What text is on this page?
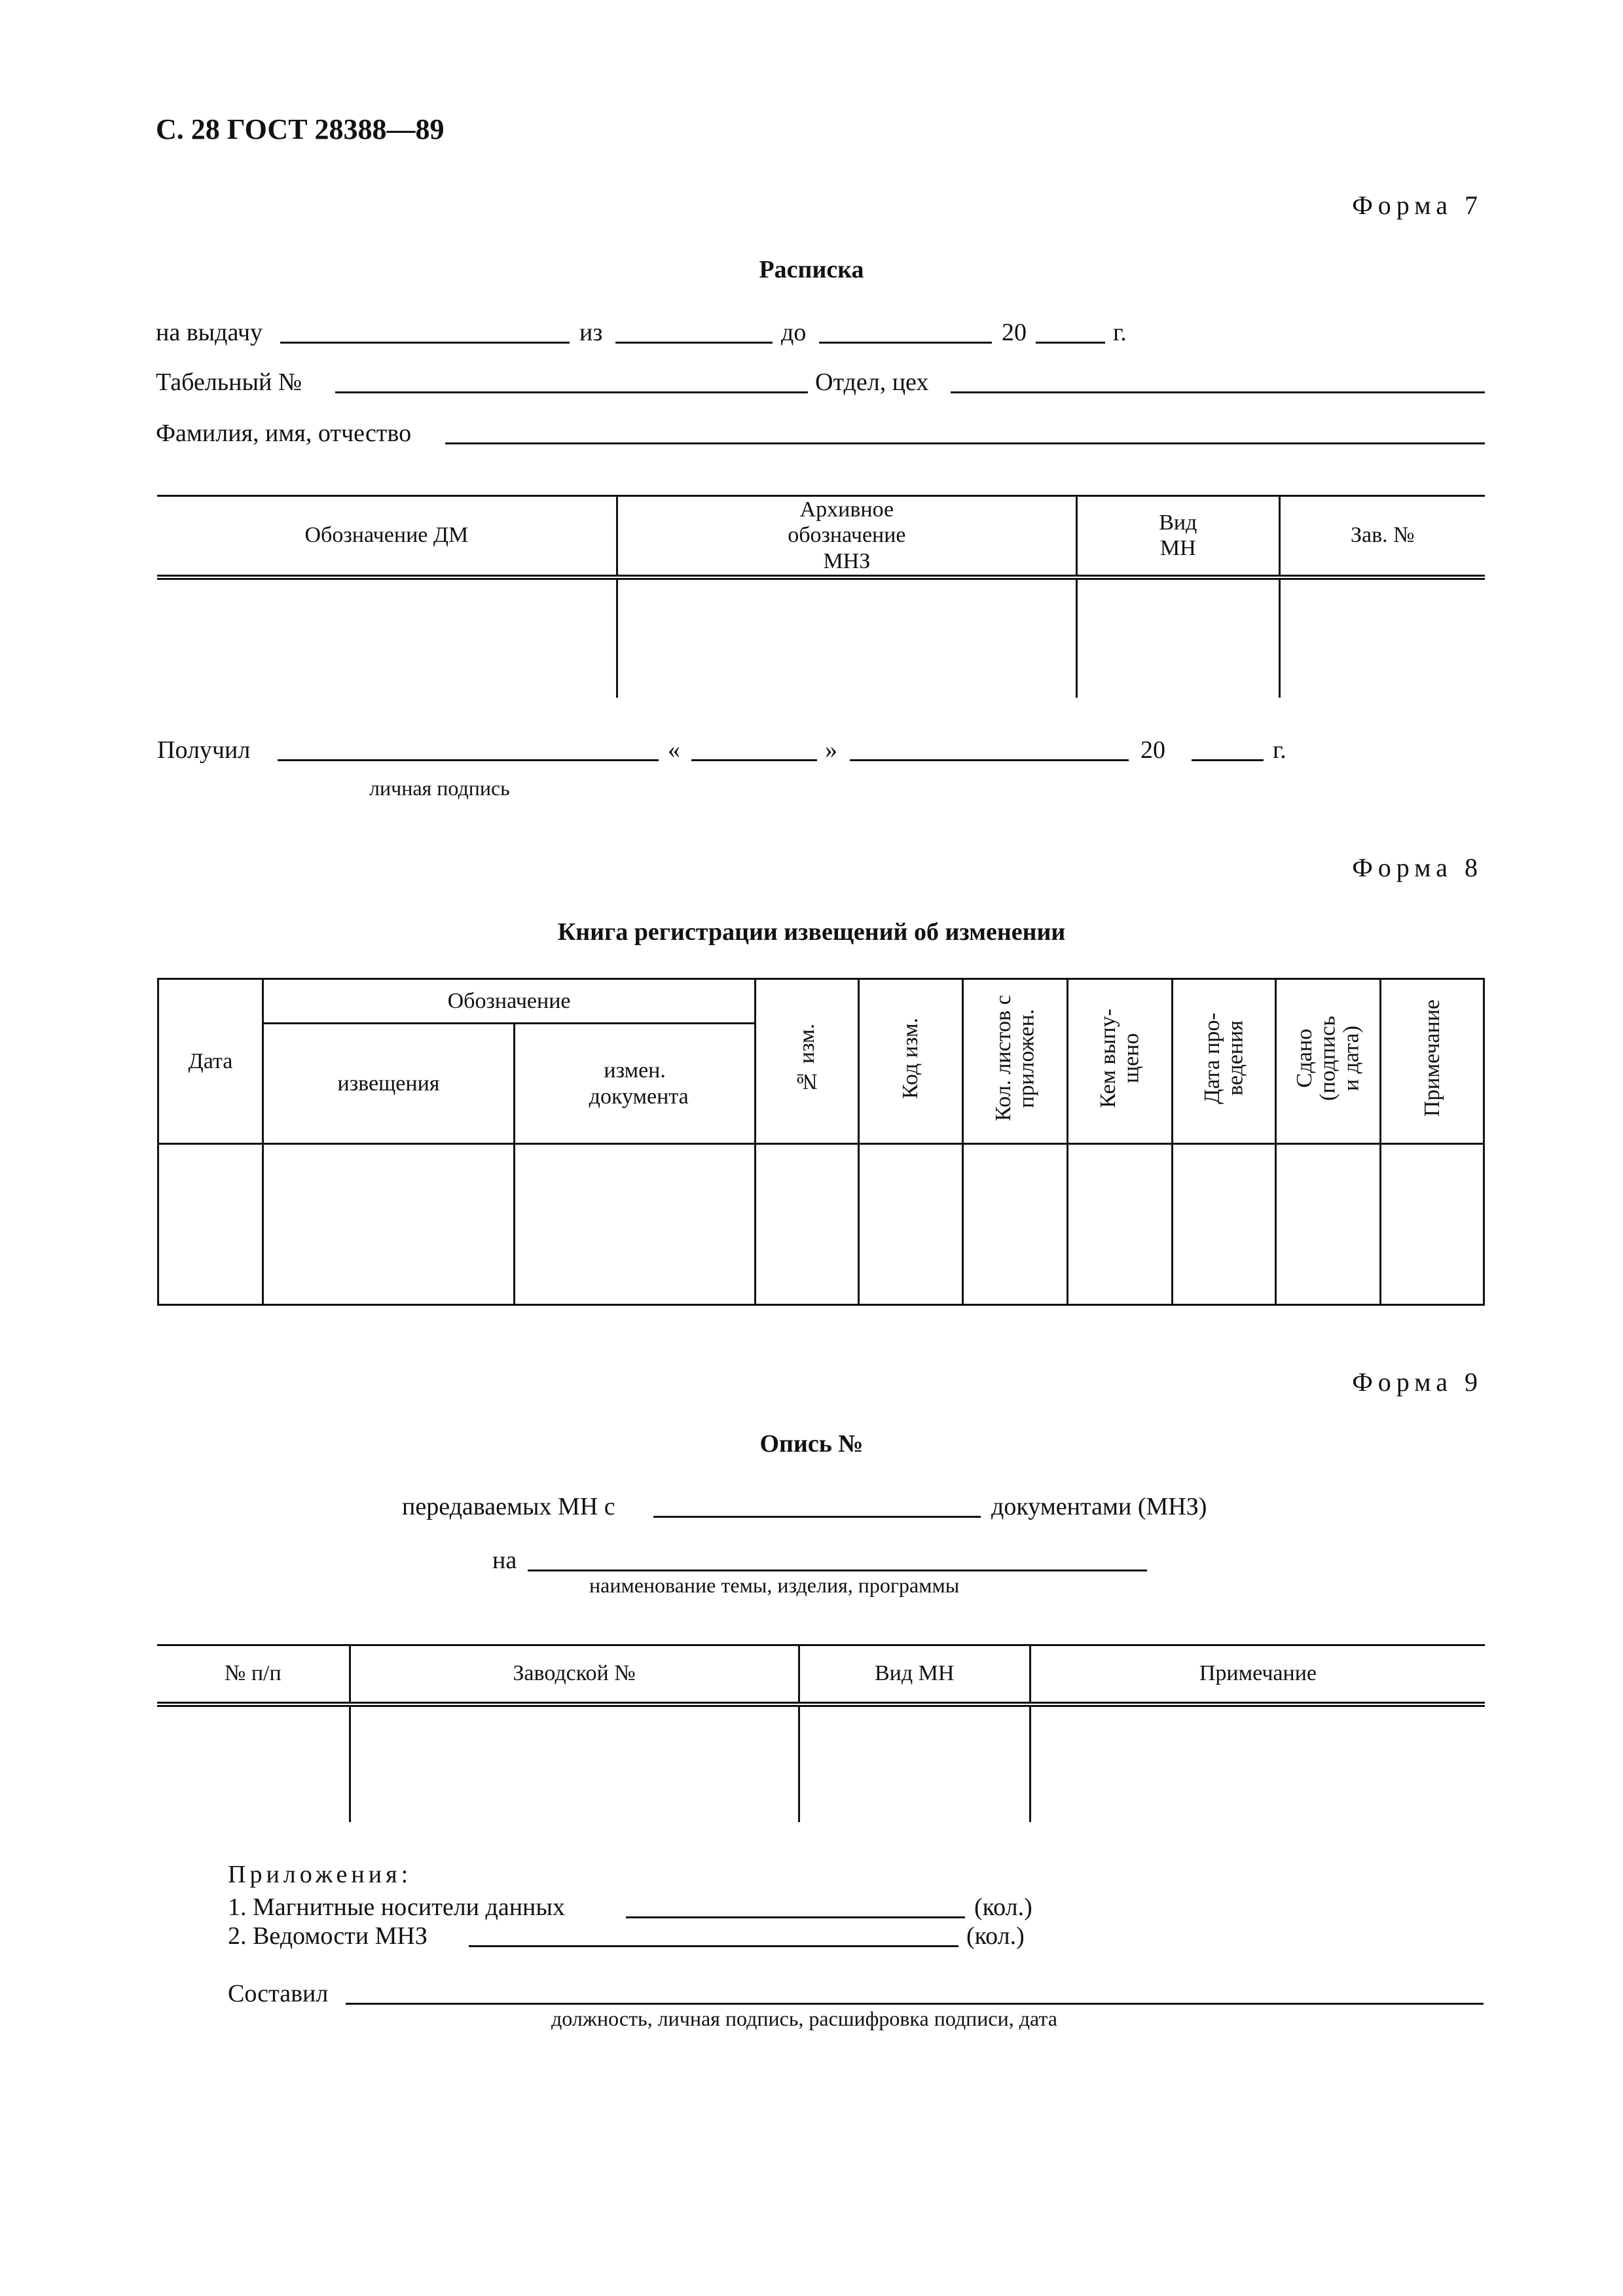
С. 28 ГОСТ 28388—89
Форма 7
Расписка
на выдачу	из	до	20	г.
Табельный №	Отдел, цех
Фамилия, имя, отчество
Обозначение ДМ	Архивное обозначение МНЗ	Вид МН	Зав. №

Получил	«	»	20	г.
личная подпись
Форма 8
Книга регистрации извещений об изменении
Дата	Обозначение		№ изм.	Код изм.	Кол. листов с приложен.	Кем выпу- щено	Дата про- ведения	Сдано (подпись и дата)	Примечание
	извещения	измен. документа							

Форма 9
Опись №
передаваемых МН с	документами (МНЗ)
на
наименование темы, изделия, программы
№ п/п	Заводской №	Вид МН	Примечание

Приложения:
1. Магнитные носители данных	(кол.)
2. Ведомости МНЗ	(кол.)
Составил
должность, личная подпись, расшифровка подписи, дата
